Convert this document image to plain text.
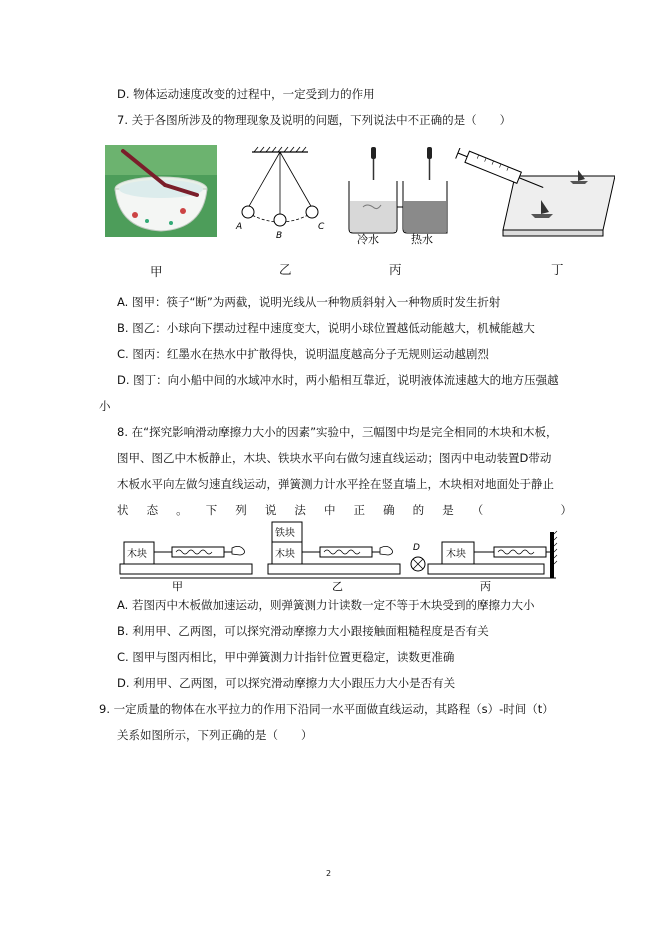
D. 物体运动速度改变的过程中，一定受到力的作用
7. 关于各图所涉及的物理现象及说明的问题，下列说法中不正确的是（　　）
A
B
C
冷水	热水
甲	乙	丙	丁
A. 图甲：筷子“断”为两截，说明光线从一种物质斜射入一种物质时发生折射
B. 图乙：小球向下摆动过程中速度变大，说明小球位置越低动能越大，机械能越大
C. 图丙：红墨水在热水中扩散得快，说明温度越高分子无规则运动越剧烈
D. 图丁：向小船中间的水域冲水时，两小船相互靠近，说明液体流速越大的地方压强越
小
8. 在“探究影响滑动摩擦力大小的因素”实验中，三幅图中均是完全相同的木块和木板，
图甲、图乙中木板静止，木块、铁块水平向右做匀速直线运动；图丙中电动装置D带动
木板水平向左做匀速直线运动，弹簧测力计水平拴在竖直墙上，木块相对地面处于静止
状 态 。 下 列 说 法 中 正 确 的 是 （

　	）
木块
铁块
木块
D
木块
甲	乙	丙
A. 若图丙中木板做加速运动，则弹簧测力计读数一定不等于木块受到的摩擦力大小
B. 利用甲、乙两图，可以探究滑动摩擦力大小跟接触面粗糙程度是否有关
C. 图甲与图丙相比，甲中弹簧测力计指针位置更稳定，读数更准确
D. 利用甲、乙两图，可以探究滑动摩擦力大小跟压力大小是否有关
9. 一定质量的物体在水平拉力的作用下沿同一水平面做直线运动，其路程（s）-时间（t）
关系如图所示，下列正确的是（　　）
2
